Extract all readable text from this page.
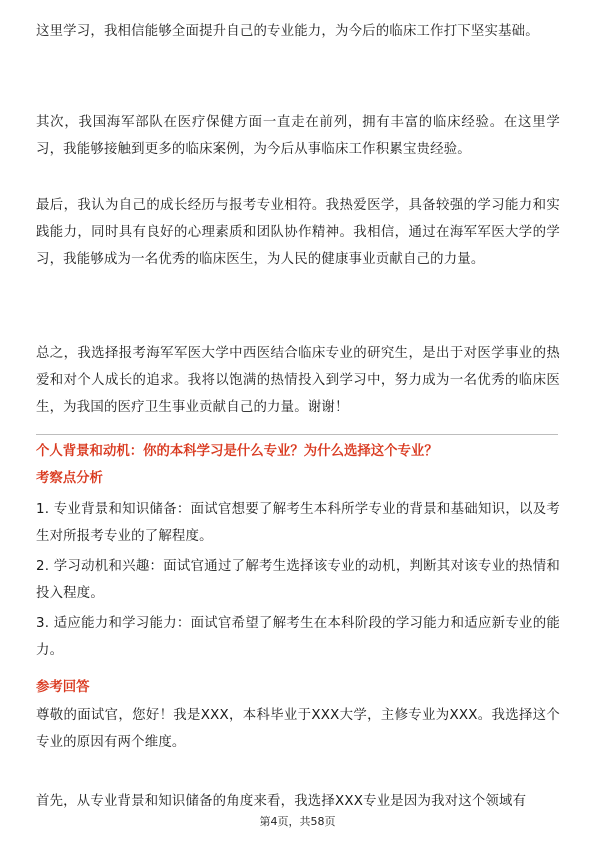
这里学习，我相信能够全面提升自己的专业能力，为今后的临床工作打下坚实基础。

其次，我国海军部队在医疗保健方面一直走在前列，拥有丰富的临床经验。在这里学习，我能够接触到更多的临床案例，为今后从事临床工作积累宝贵经验。

最后，我认为自己的成长经历与报考专业相符。我热爱医学，具备较强的学习能力和实践能力，同时具有良好的心理素质和团队协作精神。我相信，通过在海军军医大学的学习，我能够成为一名优秀的临床医生，为人民的健康事业贡献自己的力量。

总之，我选择报考海军军医大学中西医结合临床专业的研究生，是出于对医学事业的热爱和对个人成长的追求。我将以饱满的热情投入到学习中，努力成为一名优秀的临床医生，为我国的医疗卫生事业贡献自己的力量。谢谢！

个人背景和动机：你的本科学习是什么专业？为什么选择这个专业？
考察点分析

1. 专业背景和知识储备：面试官想要了解考生本科所学专业的背景和基础知识，以及考生对所报考专业的了解程度。

2. 学习动机和兴趣：面试官通过了解考生选择该专业的动机，判断其对该专业的热情和投入程度。

3. 适应能力和学习能力：面试官希望了解考生在本科阶段的学习能力和适应新专业的能力。

参考回答

尊敬的面试官，您好！我是XXX，本科毕业于XXX大学，主修专业为XXX。我选择这个专业的原因有两个维度。

首先，从专业背景和知识储备的角度来看，我选择XXX专业是因为我对这个领域有

第4页，共58页
